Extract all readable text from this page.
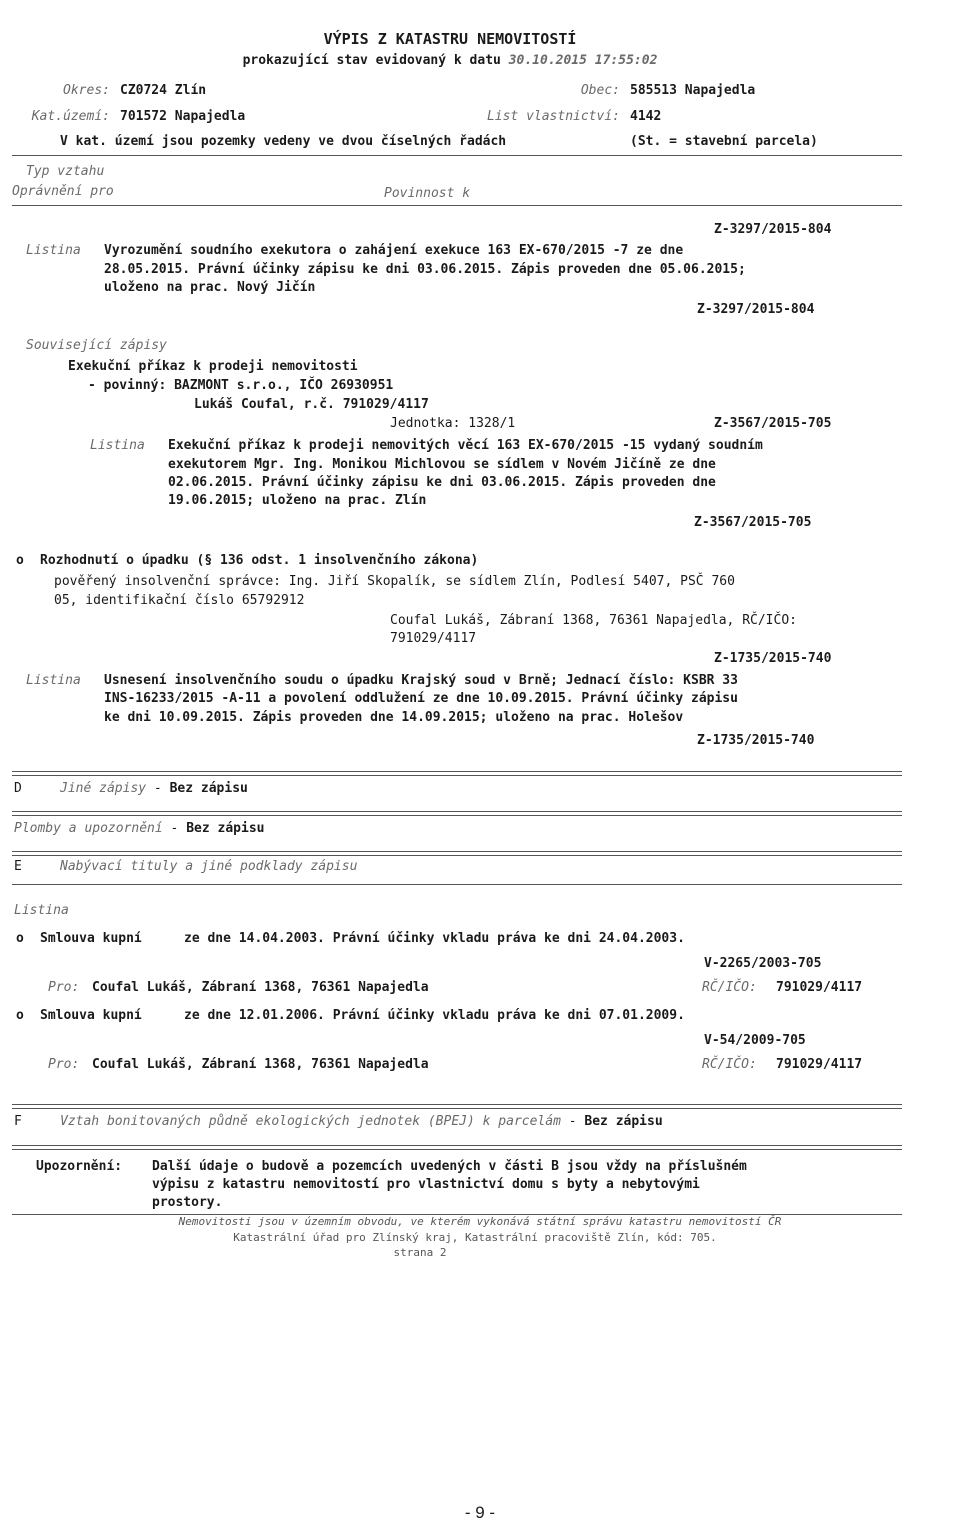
VÝPIS Z KATASTRU NEMOVITOSTÍ
prokazující stav evidovaný k datu 30.10.2015 17:55:02
Okres: CZ0724 Zlín	Obec: 585513 Napajedla
Kat.území: 701572 Napajedla	List vlastnictví: 4142
V kat. území jsou pozemky vedeny ve dvou číselných řadách	(St. = stavební parcela)
Typ vztahu
Oprávnění pro	Povinnost k
Z-3297/2015-804
Listina Vyrozumění soudního exekutora o zahájení exekuce 163 EX-670/2015 -7 ze dne
28.05.2015. Právní účinky zápisu ke dni 03.06.2015. Zápis proveden dne 05.06.2015;
uloženo na prac. Nový Jičín
Z-3297/2015-804
Související zápisy
Exekuční příkaz k prodeji nemovitosti
- povinný: BAZMONT s.r.o., IČO 26930951
Lukáš Coufal, r.č. 791029/4117
Jednotka: 1328/1	Z-3567/2015-705
Listina Exekuční příkaz k prodeji nemovitých věcí 163 EX-670/2015 -15 vydaný soudním
exekutorem Mgr. Ing. Monikou Michlovou se sídlem v Novém Jičíně ze dne
02.06.2015. Právní účinky zápisu ke dni 03.06.2015. Zápis proveden dne
19.06.2015; uloženo na prac. Zlín
Z-3567/2015-705
o Rozhodnutí o úpadku (§ 136 odst. 1 insolvenčního zákona)
pověřený insolvenční správce: Ing. Jiří Skopalík, se sídlem Zlín, Podlesí 5407, PSČ 760
05, identifikační číslo 65792912
Coufal Lukáš, Zábraní 1368, 76361 Napajedla, RČ/IČO:
791029/4117
Z-1735/2015-740
Listina Usnesení insolvenčního soudu o úpadku Krajský soud v Brně; Jednací číslo: KSBR 33
INS-16233/2015 -A-11 a povolení oddlužení ze dne 10.09.2015. Právní účinky zápisu
ke dni 10.09.2015. Zápis proveden dne 14.09.2015; uloženo na prac. Holešov
Z-1735/2015-740
D	Jiné zápisy - Bez zápisu
Plomby a upozornění - Bez zápisu
E	Nabývací tituly a jiné podklady zápisu
Listina
o Smlouva kupní	ze dne 14.04.2003. Právní účinky vkladu práva ke dni 24.04.2003.
V-2265/2003-705
Pro: Coufal Lukáš, Zábraní 1368, 76361 Napajedla	RČ/IČO: 791029/4117
o Smlouva kupní	ze dne 12.01.2006. Právní účinky vkladu práva ke dni 07.01.2009.
V-54/2009-705
Pro: Coufal Lukáš, Zábraní 1368, 76361 Napajedla	RČ/IČO: 791029/4117
F	Vztah bonitovaných půdně ekologických jednotek (BPEJ) k parcelám - Bez zápisu
Upozornění: Další údaje o budově a pozemcích uvedených v části B jsou vždy na příslušném
výpisu z katastru nemovitostí pro vlastnictví domu s byty a nebytovými
prostory.
Nemovitosti jsou v územním obvodu, ve kterém vykonává státní správu katastru nemovitostí ČR
Katastrální úřad pro Zlínský kraj, Katastrální pracoviště Zlín, kód: 705.
strana 2
- 9 -
